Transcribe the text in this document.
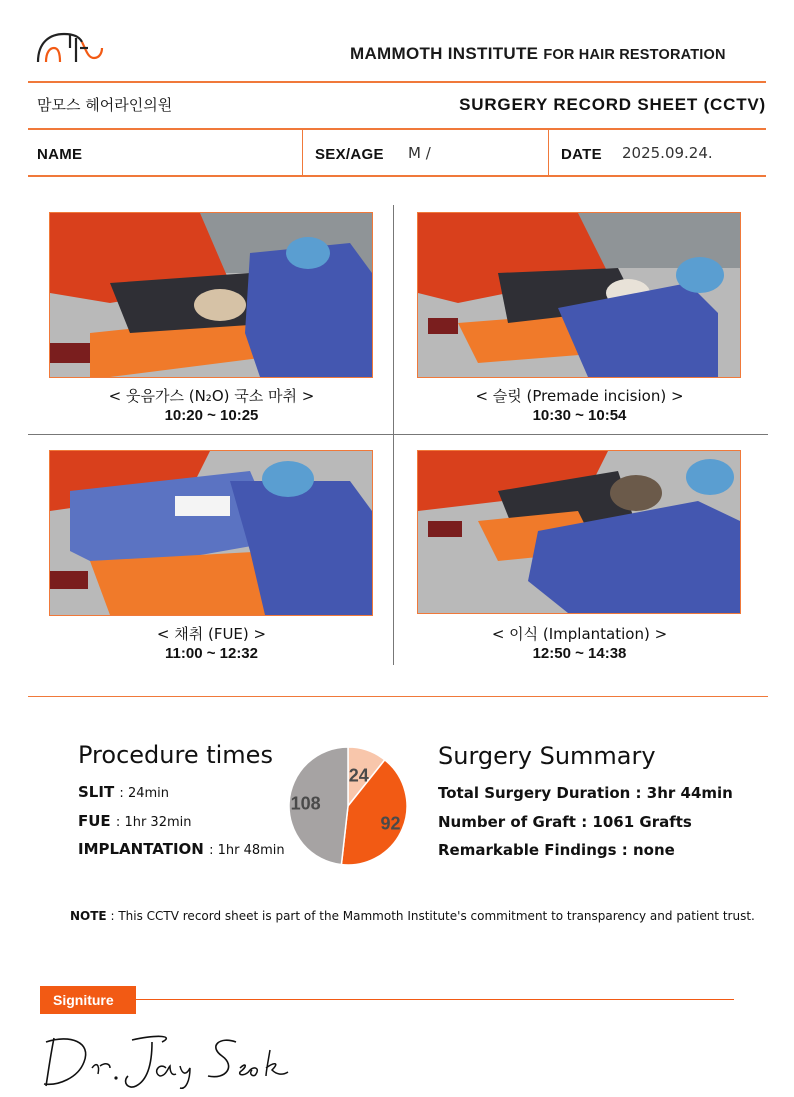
MAMMOTH INSTITUTE FOR HAIR RESTORATION
맘모스 헤어라인의원	SURGERY RECORD SHEET (CCTV)
NAME	SEX/AGE M /	DATE 2025.09.24.
< 웃음가스 (N₂O) 국소 마취 >
10:20 ~ 10:25
< 슬릿 (Premade incision) >
10:30 ~ 10:54
< 채취 (FUE) >
11:00 ~ 12:32
< 이식 (Implantation) >
12:50 ~ 14:38
Procedure times
SLIT : 24min
FUE : 1hr 32min
IMPLANTATION : 1hr 48min
24
92
108
Surgery Summary
Total Surgery Duration : 3hr 44min
Number of Graft : 1061 Grafts
Remarkable Findings : none
NOTE : This CCTV record sheet is part of the Mammoth Institute's commitment to transparency and patient trust.
Signiture
